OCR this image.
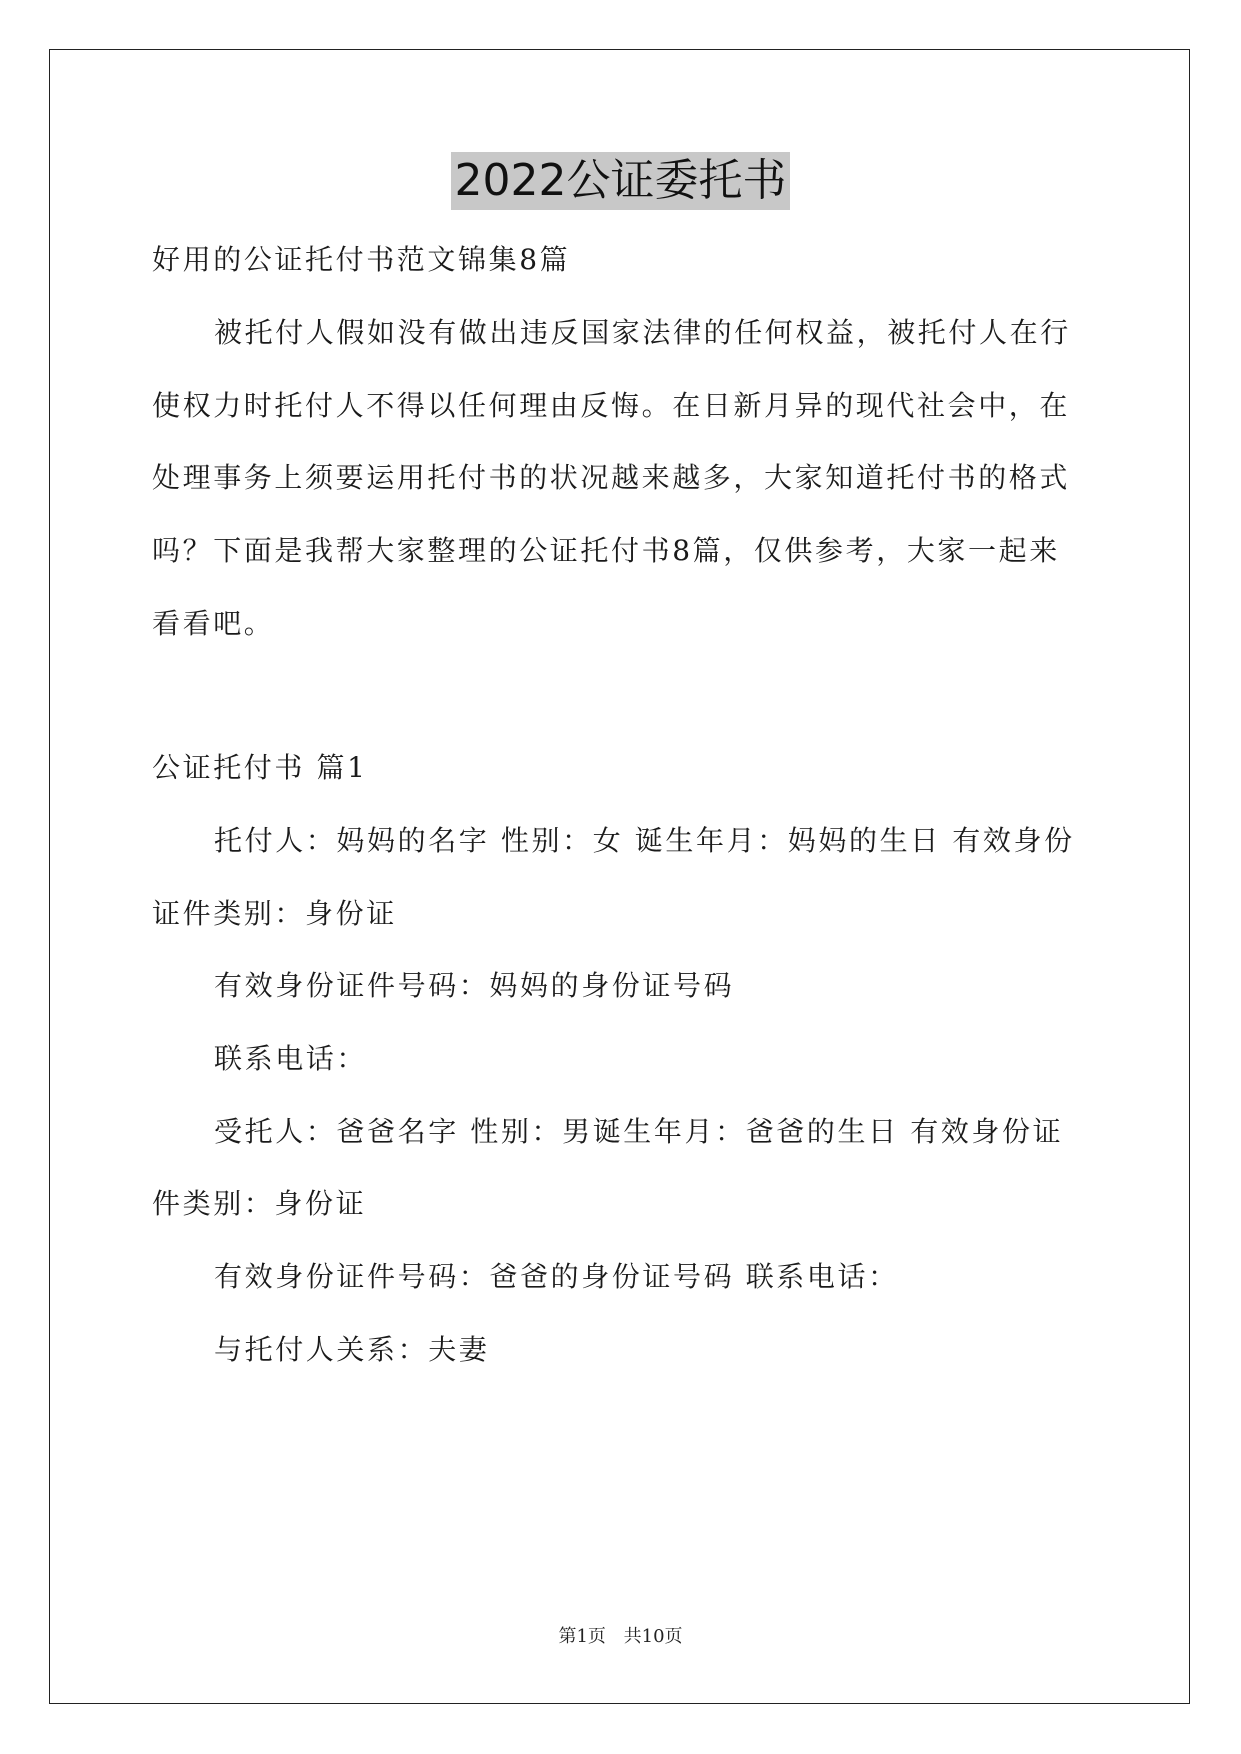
2022公证委托书
好用的公证托付书范文锦集8篇
被托付人假如没有做出违反国家法律的任何权益，被托付人在行
使权力时托付人不得以任何理由反悔。在日新月异的现代社会中，在
处理事务上须要运用托付书的状况越来越多，大家知道托付书的格式
吗？下面是我帮大家整理的公证托付书8篇，仅供参考，大家一起来
看看吧。
公证托付书 篇1
托付人：妈妈的名字 性别：女 诞生年月：妈妈的生日 有效身份
证件类别：身份证
有效身份证件号码：妈妈的身份证号码
联系电话：
受托人：爸爸名字 性别：男诞生年月：爸爸的生日 有效身份证
件类别：身份证
有效身份证件号码：爸爸的身份证号码 联系电话：
与托付人关系：夫妻
第1页 共10页
